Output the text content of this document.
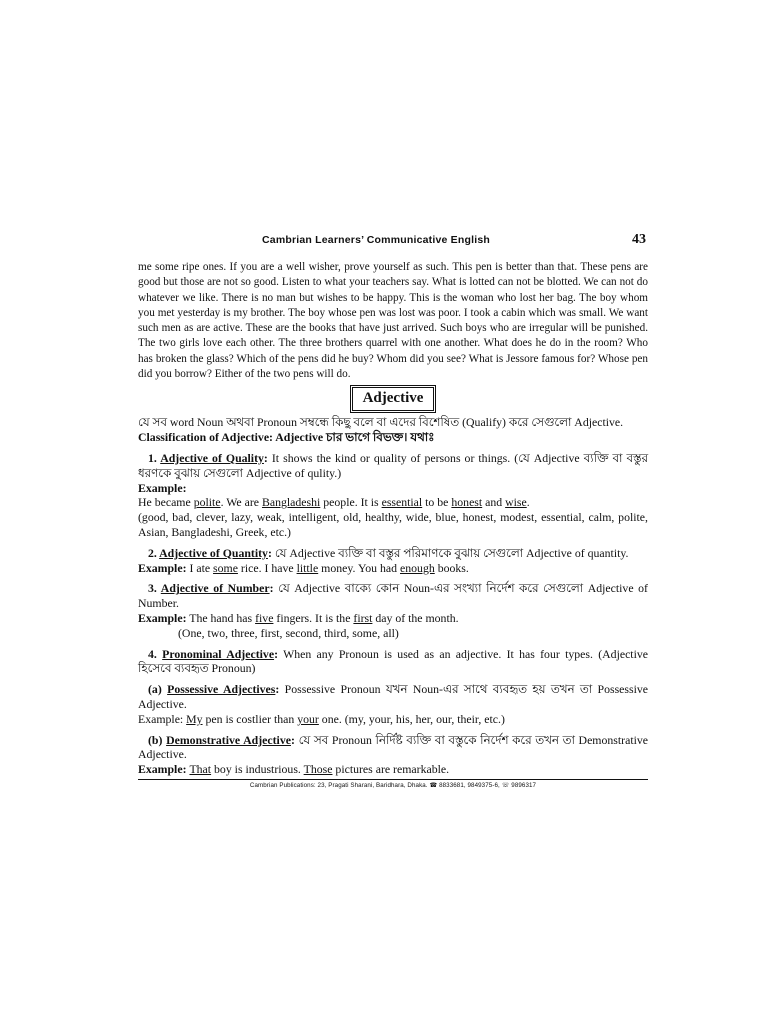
Cambrian Learners’ Communicative English	43

me some ripe ones. If you are a well wisher, prove yourself as such. This pen is better than that. These pens are good but those are not so good. Listen to what your teachers say. What is lotted can not be blotted. We can not do whatever we like. There is no man but wishes to be happy. This is the woman who lost her bag. The boy whom you met yesterday is my brother. The boy whose pen was lost was poor. I took a cabin which was small. We want such men as are active. These are the books that have just arrived. Such boys who are irregular will be punished. The two girls love each other. The three brothers quarrel with one another. What does he do in the room? Who has broken the glass? Which of the pens did he buy? Whom did you see? What is Jessore famous for? Whose pen did you borrow? Either of the two pens will do.

Adjective

যে সব word Noun অথবা Pronoun সম্বন্ধে কিছু বলে বা এদের বিশেষিত (Qualify) করে সেগুলো Adjective.

Classification of Adjective: Adjective চার ভাগে বিভক্ত। যথাঃ

1. Adjective of Quality: It shows the kind or quality of persons or things. (যে Adjective ব্যক্তি বা বস্তুর ধরণকে বুঝায় সেগুলো Adjective of qulity.)

Example:

He became polite. We are Bangladeshi people. It is essential to be honest and wise.

(good, bad, clever, lazy, weak, intelligent, old, healthy, wide, blue, honest, modest, essential, calm, polite, Asian, Bangladeshi, Greek, etc.)

2. Adjective of Quantity: যে Adjective ব্যক্তি বা বস্তুর পরিমাণকে বুঝায় সেগুলো Adjective of quantity.

Example: I ate some rice. I have little money. You had enough books.

3. Adjective of Number: যে Adjective বাক্যে কোন Noun-এর সংখ্যা নির্দেশ করে সেগুলো Adjective of Number.

Example: The hand has five fingers. It is the first day of the month.

(One, two, three, first, second, third, some, all)

4. Pronominal Adjective: When any Pronoun is used as an adjective. It has four types. (Adjective হিসেবে ব্যবহৃত Pronoun)

(a) Possessive Adjectives: Possessive Pronoun যখন Noun-এর সাথে ব্যবহৃত হয় তখন তা Possessive Adjective.

Example: My pen is costlier than your one. (my, your, his, her, our, their, etc.)

(b) Demonstrative Adjective: যে সব Pronoun নির্দিষ্ট ব্যক্তি বা বস্তুকে নির্দেশ করে তখন তা Demonstrative Adjective.

Example: That boy is industrious. Those pictures are remarkable.

Cambrian Publications: 23, Pragati Sharani, Baridhara, Dhaka. ☎ 8833681, 9849375-6, ☏ 9896317
